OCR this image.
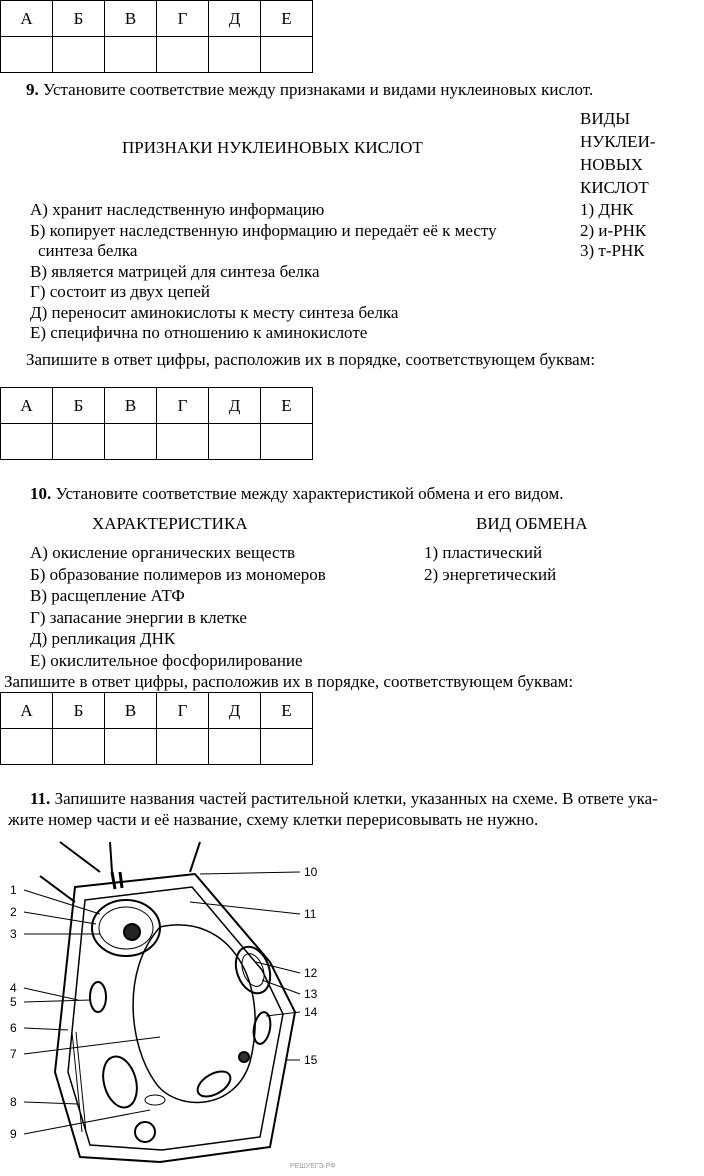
А	Б	В	Г	Д	Е

9. Установите соответствие между признаками и видами нуклеиновых кислот.
ПРИЗНАКИ НУКЛЕИНОВЫХ КИСЛОТ
ВИДЫ
НУКЛЕИ-
НОВЫХ
КИСЛОТ
А) хранит наследственную информацию
Б) копирует наследственную информацию и передаёт её к месту
синтеза белка
В) является матрицей для синтеза белка
Г) состоит из двух цепей
Д) переносит аминокислоты к месту синтеза белка
Е) специфична по отношению к аминокислоте
1) ДНК
2) и-РНК
3) т-РНК
Запишите в ответ цифры, расположив их в порядке, соответствующем буквам:
А	Б	В	Г	Д	Е

10. Установите соответствие между характеристикой обмена и его видом.
ХАРАКТЕРИСТИКА	ВИД ОБМЕНА
А) окисление органических веществ
Б) образование полимеров из мономеров
В) расщепление АТФ
Г) запасание энергии в клетке
Д) репликация ДНК
Е) окислительное фосфорилирование
1) пластический
2) энергетический
Запишите в ответ цифры, расположив их в порядке, соответствующем буквам:
А	Б	В	Г	Д	Е

11. Запишите названия частей растительной клетки, указанных на схеме. В ответе ука-
жите номер части и её название, схему клетки перерисовывать не нужно.
1
2
3
4
5
6
7
8
9
10
11
12
13
14
15
РЕШУЕГЭ.РФ
